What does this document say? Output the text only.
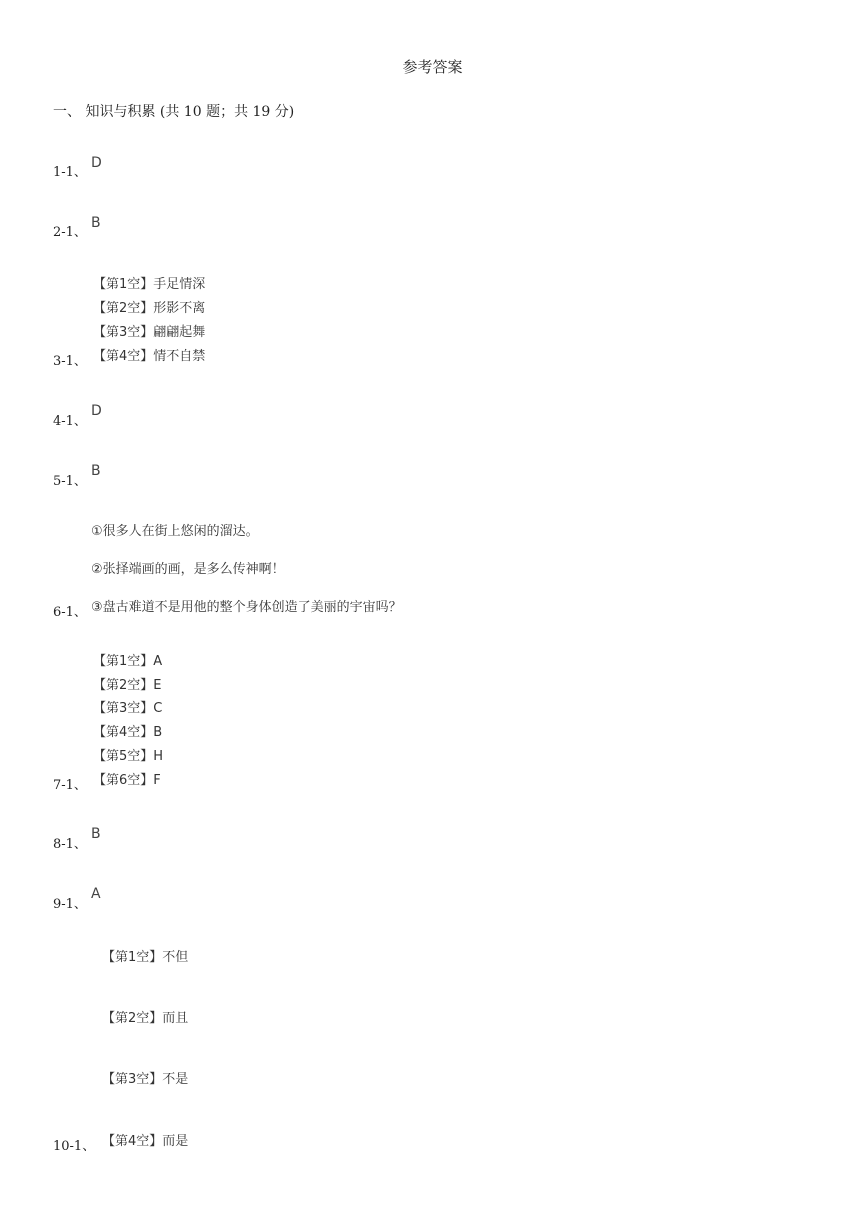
参考答案
一、 知识与积累 (共 10 题；共 19 分)
1-1、
D
2-1、
B
【第1空】手足情深
【第2空】形影不离
【第3空】翩翩起舞
【第4空】情不自禁
3-1、
4-1、
D
5-1、
B
①很多人在街上悠闲的溜达。
②张择端画的画，是多么传神啊！
③盘古难道不是用他的整个身体创造了美丽的宇宙吗？
6-1、
【第1空】A
【第2空】E
【第3空】C
【第4空】B
【第5空】H
【第6空】F
7-1、
8-1、
B
9-1、
A
【第1空】不但
【第2空】而且
【第3空】不是
【第4空】而是
10-1、
